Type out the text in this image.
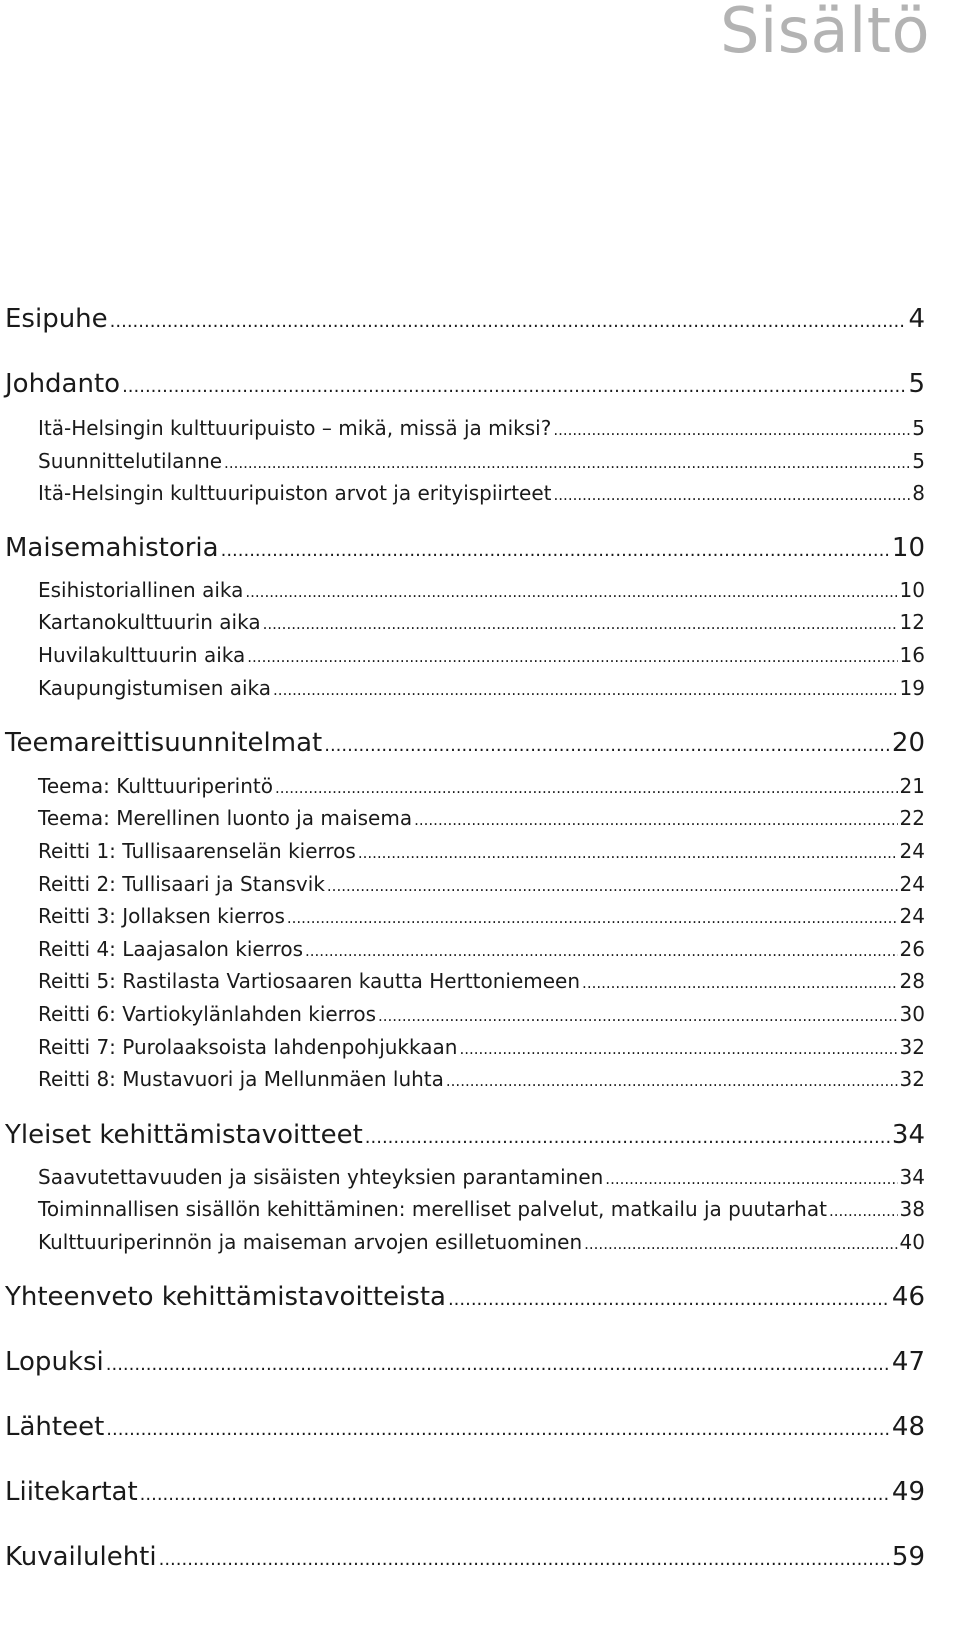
Sisältö
Esipuhe .....	4
Johdanto .....	5
Itä-Helsingin kulttuuripuisto – mikä, missä ja miksi? .....	5
Suunnittelutilanne .....	5
Itä-Helsingin kulttuuripuiston arvot ja erityispiirteet .....	8
Maisemahistoria .....	10
Esihistoriallinen aika .....	10
Kartanokulttuurin aika .....	12
Huvilakulttuurin aika .....	16
Kaupungistumisen aika .....	19
Teemareittisuunnitelmat .....	20
Teema: Kulttuuriperintö .....	21
Teema: Merellinen luonto ja maisema .....	22
Reitti 1: Tullisaarenselän kierros .....	24
Reitti 2: Tullisaari ja Stansvik .....	24
Reitti 3: Jollaksen kierros .....	24
Reitti 4: Laajasalon kierros .....	26
Reitti 5: Rastilasta Vartiosaaren kautta Herttoniemeen .....	28
Reitti 6: Vartiokylänlahden kierros .....	30
Reitti 7: Purolaaksoista lahdenpohjukkaan .....	32
Reitti 8: Mustavuori ja Mellunmäen luhta .....	32
Yleiset kehittämistavoitteet .....	34
Saavutettavuuden ja sisäisten yhteyksien parantaminen .....	34
Toiminnallisen sisällön kehittäminen: merelliset palvelut, matkailu ja puutarhat .....	38
Kulttuuriperinnön ja maiseman arvojen esilletuominen .....	40
Yhteenveto kehittämistavoitteista .....	46
Lopuksi .....	47
Lähteet .....	48
Liitekartat .....	49
Kuvailulehti .....	59
